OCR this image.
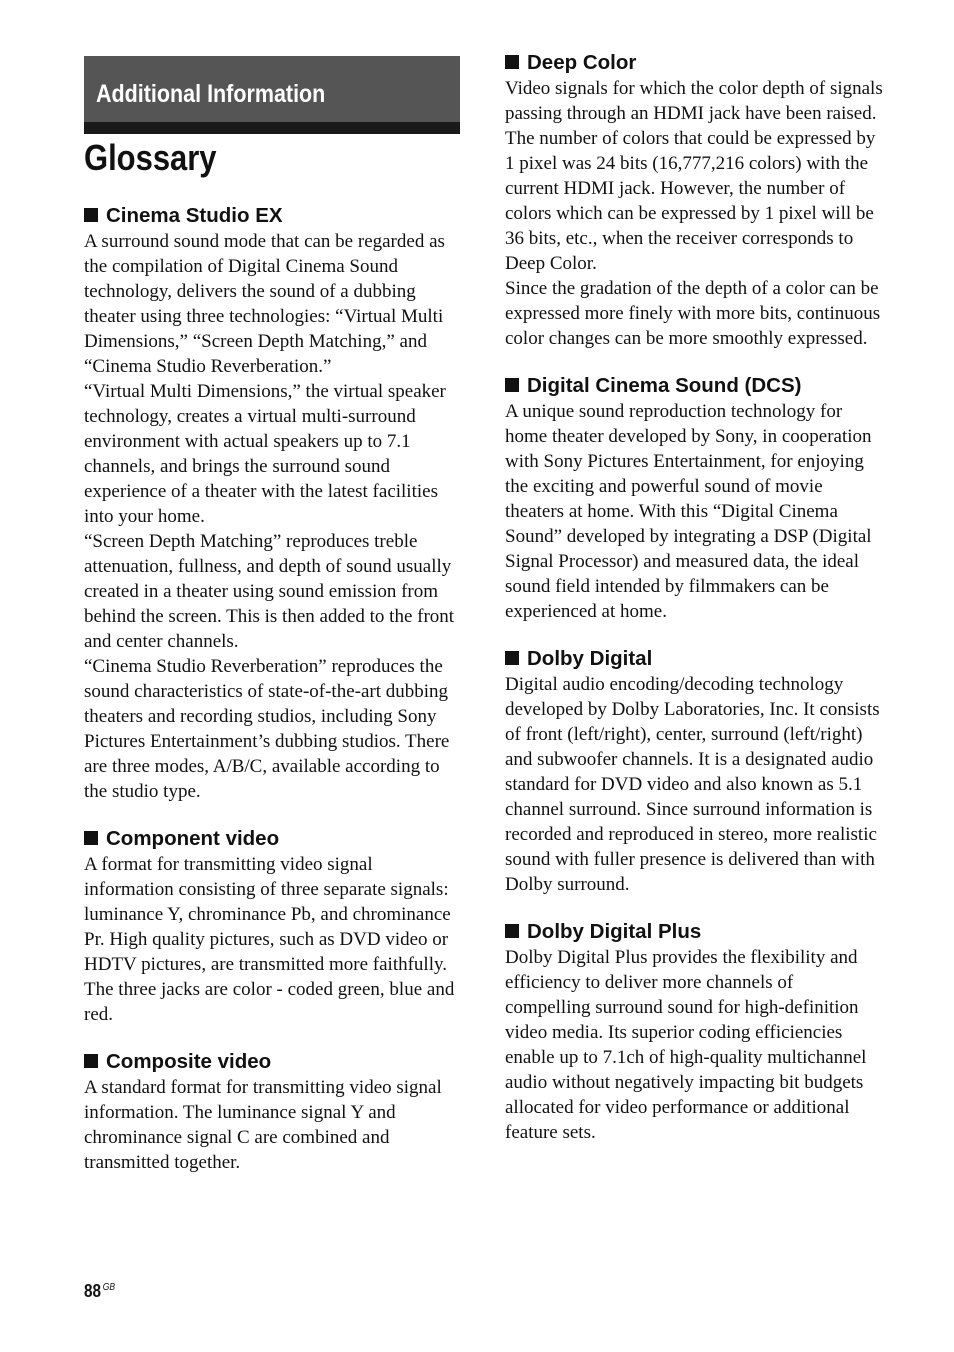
Additional Information
Glossary
Cinema Studio EX

A surround sound mode that can be regarded as the compilation of Digital Cinema Sound technology, delivers the sound of a dubbing theater using three technologies: “Virtual Multi Dimensions,” “Screen Depth Matching,” and “Cinema Studio Reverberation.”

“Virtual Multi Dimensions,” the virtual speaker technology, creates a virtual multi-surround environment with actual speakers up to 7.1 channels, and brings the surround sound experience of a theater with the latest facilities into your home.

“Screen Depth Matching” reproduces treble attenuation, fullness, and depth of sound usually created in a theater using sound emission from behind the screen. This is then added to the front and center channels.

“Cinema Studio Reverberation” reproduces the sound characteristics of state-of-the-art dubbing theaters and recording studios, including Sony Pictures Entertainment’s dubbing studios. There are three modes, A/B/C, available according to the studio type.

Component video

A format for transmitting video signal information consisting of three separate signals: luminance Y, chrominance Pb, and chrominance Pr. High quality pictures, such as DVD video or HDTV pictures, are transmitted more faithfully. The three jacks are color - coded green, blue and red.

Composite video

A standard format for transmitting video signal information. The luminance signal Y and chrominance signal C are combined and transmitted together.

Deep Color

Video signals for which the color depth of signals passing through an HDMI jack have been raised.

The number of colors that could be expressed by 1 pixel was 24 bits (16,777,216 colors) with the current HDMI jack. However, the number of colors which can be expressed by 1 pixel will be 36 bits, etc., when the receiver corresponds to Deep Color.

Since the gradation of the depth of a color can be expressed more finely with more bits, continuous color changes can be more smoothly expressed.

Digital Cinema Sound (DCS)

A unique sound reproduction technology for home theater developed by Sony, in cooperation with Sony Pictures Entertainment, for enjoying the exciting and powerful sound of movie theaters at home. With this “Digital Cinema Sound” developed by integrating a DSP (Digital Signal Processor) and measured data, the ideal sound field intended by filmmakers can be experienced at home.

Dolby Digital

Digital audio encoding/decoding technology developed by Dolby Laboratories, Inc. It consists of front (left/right), center, surround (left/right) and subwoofer channels. It is a designated audio standard for DVD video and also known as 5.1 channel surround. Since surround information is recorded and reproduced in stereo, more realistic sound with fuller presence is delivered than with Dolby surround.

Dolby Digital Plus

Dolby Digital Plus provides the flexibility and efficiency to deliver more channels of compelling surround sound for high-definition video media. Its superior coding efficiencies enable up to 7.1ch of high-quality multichannel audio without negatively impacting bit budgets allocated for video performance or additional feature sets.

88 $^{GB}$
